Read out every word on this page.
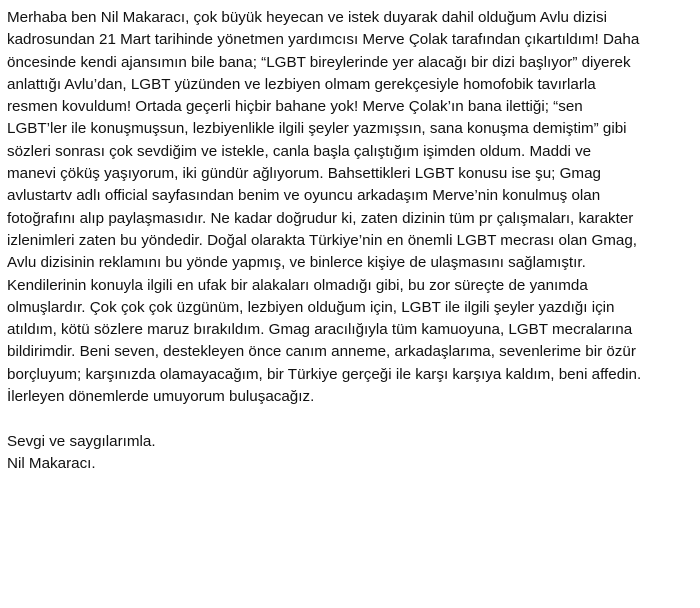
Merhaba ben Nil Makaracı, çok büyük heyecan ve istek duyarak dahil olduğum Avlu dizisi
kadrosundan 21 Mart tarihinde yönetmen yardımcısı Merve Çolak tarafından çıkartıldım! Daha
öncesinde kendi ajansımın bile bana; “LGBT bireylerinde yer alacağı bir dizi başlıyor” diyerek
anlattığı Avlu’dan, LGBT yüzünden ve lezbiyen olmam gerekçesiyle homofobik tavırlarla
resmen kovuldum! Ortada geçerli hiçbir bahane yok! Merve Çolak’ın bana ilettiği; “sen
LGBT’ler ile konuşmuşsun, lezbiyenlikle ilgili şeyler yazmışsın, sana konuşma demiştim” gibi
sözleri sonrası çok sevdiğim ve istekle, canla başla çalıştığım işimden oldum. Maddi ve
manevi çöküş yaşıyorum, iki gündür ağlıyorum. Bahsettikleri LGBT konusu ise şu; Gmag
avlustartv adlı official sayfasından benim ve oyuncu arkadaşım Merve’nin konulmuş olan
fotoğrafını alıp paylaşmasıdır. Ne kadar doğrudur ki, zaten dizinin tüm pr çalışmaları, karakter
izlenimleri zaten bu yöndedir. Doğal olarakta Türkiye’nin en önemli LGBT mecrası olan Gmag,
Avlu dizisinin reklamını bu yönde yapmış, ve binlerce kişiye de ulaşmasını sağlamıştır.
Kendilerinin konuyla ilgili en ufak bir alakaları olmadığı gibi, bu zor süreçte de yanımda
olmuşlardır. Çok çok çok üzgünüm, lezbiyen olduğum için, LGBT ile ilgili şeyler yazdığı için
atıldım, kötü sözlere maruz bırakıldım. Gmag aracılığıyla tüm kamuoyuna, LGBT mecralarına
bildirimdir. Beni seven, destekleyen önce canım anneme, arkadaşlarıma, sevenlerime bir özür
borçluyum; karşınızda olamayacağım, bir Türkiye gerçeği ile karşı karşıya kaldım, beni affedin.
İlerleyen dönemlerde umuyorum buluşacağız.
Sevgi ve saygılarımla.
Nil Makaracı.
